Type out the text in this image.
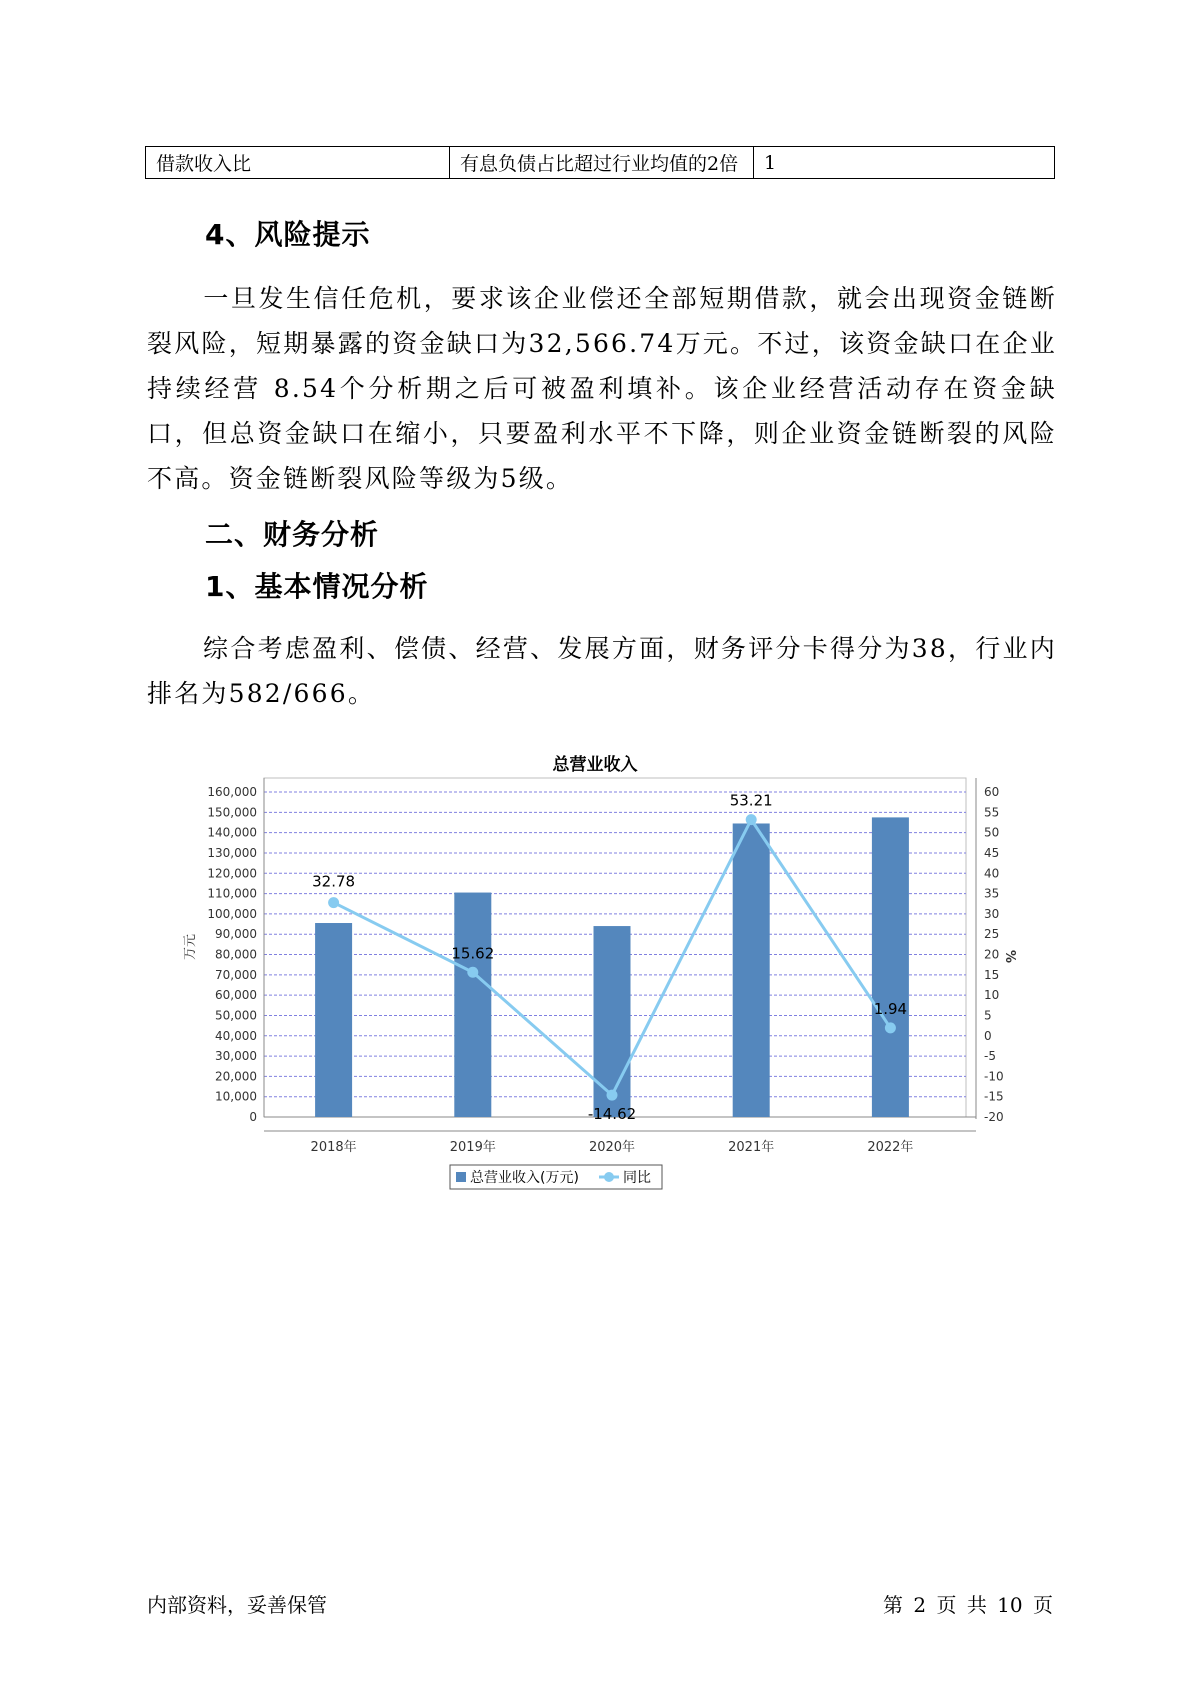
借款收入比	有息负债占比超过行业均值的2倍	1
4、风险提示

一旦发生信任危机，要求该企业偿还全部短期借款，就会出现资金链断裂风险，短期暴露的资金缺口为32,566.74万元。不过，该资金缺口在企业持续经营 8.54个分析期之后可被盈利填补。该企业经营活动存在资金缺口，但总资金缺口在缩小，只要盈利水平不下降，则企业资金链断裂的风险不高。资金链断裂风险等级为5级。

二、财务分析
1、基本情况分析

综合考虑盈利、偿债、经营、发展方面，财务评分卡得分为38，行业内排名为582/666。

总营业收入
0
10,000
20,000
30,000
40,000
50,000
60,000
70,000
80,000
90,000
100,000
110,000
120,000
130,000
140,000
150,000
160,000
-20
-15
-10
-5
0
5
10
15
20
25
30
35
40
45
50
55
60
万元	%
2018年	2019年	2020年	2021年	2022年
32.78
15.62
-14.62
53.21
1.94
总营业收入(万元)	同比
内部资料，妥善保管	第 2 页 共 10 页
